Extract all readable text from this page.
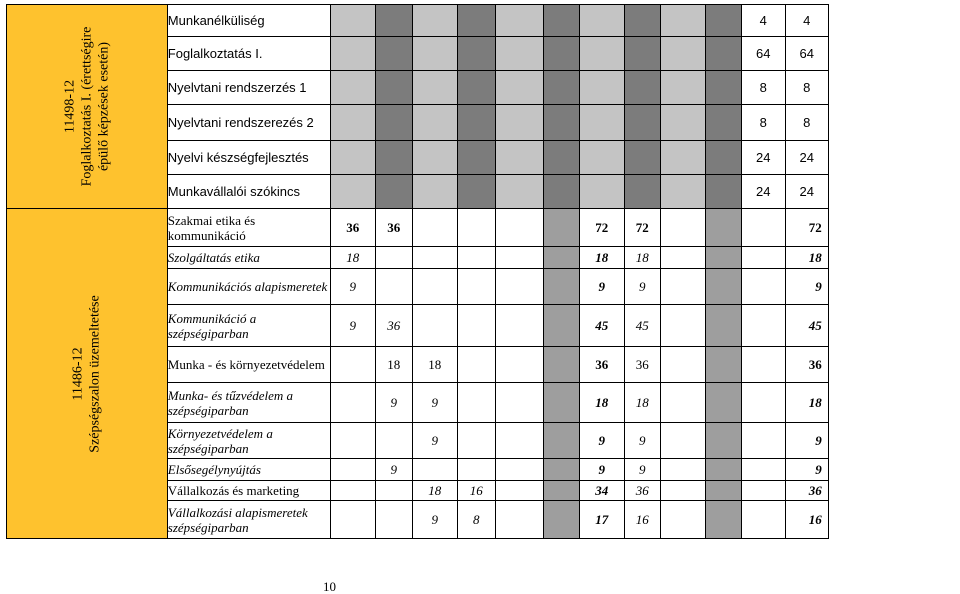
11498-12 Foglalkoztatás I. (érettségire épülő képzések esetén)	Munkanélküliség											4	4
	Foglalkoztatás I.											64	64
	Nyelvtani rendszerzés 1											8	8
	Nyelvtani rendszerezés 2											8	8
	Nyelvi készségfejlesztés											24	24
	Munkavállalói szókincs											24	24
11486-12 Szépségszalon üzemeltetése	Szakmai etika és kommunikáció	36	36					72	72				72
	Szolgáltatás etika	18						18	18				18
	Kommunikációs alapismeretek	9						9	9				9
	Kommunikáció a szépségiparban	9	36					45	45				45
	Munka - és környezetvédelem		18	18				36	36				36
	Munka- és tűzvédelem a szépségiparban		9	9				18	18				18
	Környezetvédelem a szépségiparban			9				9	9				9
	Elsősegélynyújtás		9					9	9				9
	Vállalkozás és marketing			18	16			34	36				36
	Vállalkozási alapismeretek szépségiparban			9	8			17	16				16
10
